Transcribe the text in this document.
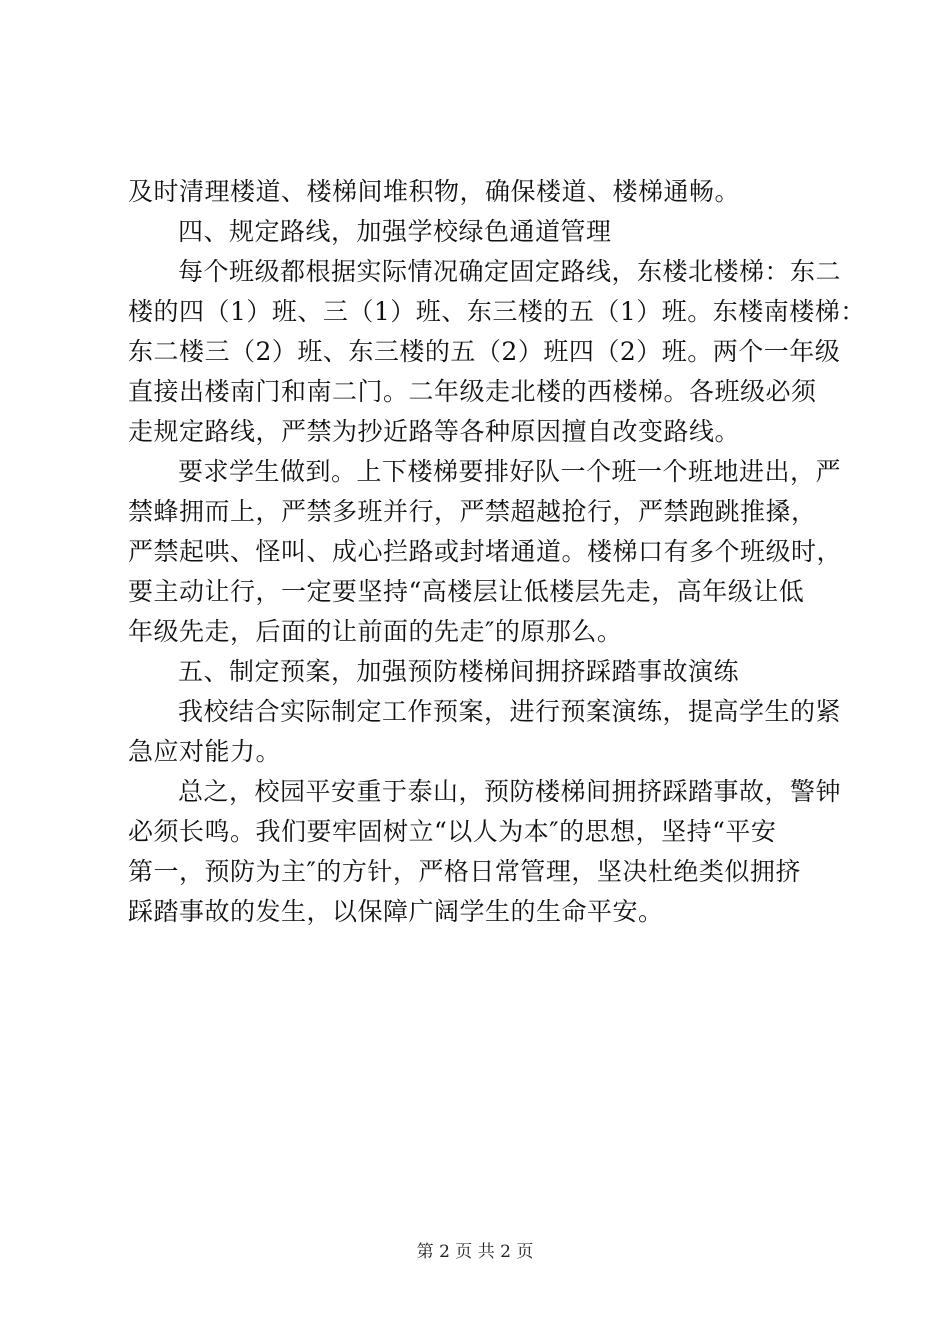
及时清理楼道、楼梯间堆积物，确保楼道、楼梯通畅。
四、规定路线，加强学校绿色通道管理
每个班级都根据实际情况确定固定路线，东楼北楼梯：东二
楼的四（1）班、三（1）班、东三楼的五（1）班。东楼南楼梯：
东二楼三（2）班、东三楼的五（2）班四（2）班。两个一年级
直接出楼南门和南二门。二年级走北楼的西楼梯。各班级必须
走规定路线，严禁为抄近路等各种原因擅自改变路线。
要求学生做到。上下楼梯要排好队一个班一个班地进出，严
禁蜂拥而上，严禁多班并行，严禁超越抢行，严禁跑跳推搡，
严禁起哄、怪叫、成心拦路或封堵通道。楼梯口有多个班级时，
要主动让行，一定要坚持“高楼层让低楼层先走，高年级让低
年级先走，后面的让前面的先走″的原那么。
五、制定预案，加强预防楼梯间拥挤踩踏事故演练
我校结合实际制定工作预案，进行预案演练，提高学生的紧
急应对能力。
总之，校园平安重于泰山，预防楼梯间拥挤踩踏事故，警钟
必须长鸣。我们要牢固树立“以人为本″的思想，坚持“平安
第一，预防为主″的方针，严格日常管理，坚决杜绝类似拥挤
踩踏事故的发生，以保障广阔学生的生命平安。
第 2 页 共 2 页
